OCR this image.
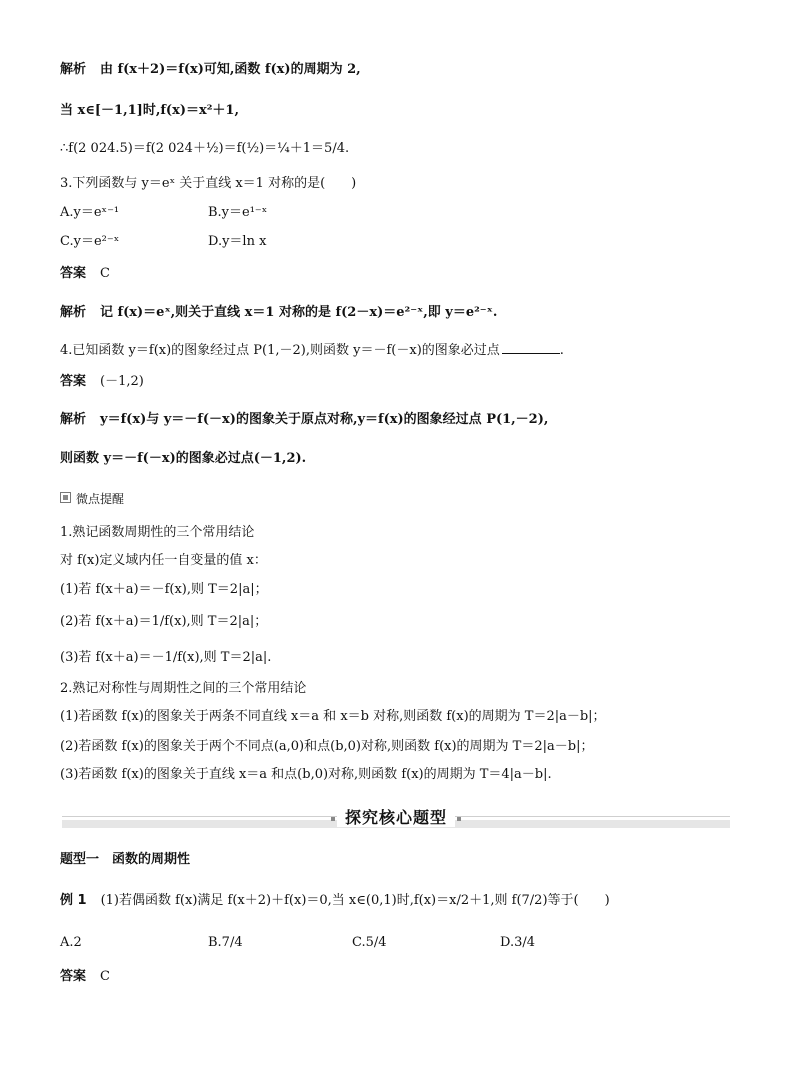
解析 由 f(x＋2)＝f(x)可知,函数 f(x)的周期为 2,
当 x∈[－1,1]时,f(x)＝x²＋1,
∴f(2 024.5)＝f(2 024＋½)＝f(½)＝¼＋1＝5/4.
3.下列函数与 y＝eˣ 关于直线 x＝1 对称的是(　　)
A.y＝eˣ⁻¹	B.y＝e¹⁻ˣ
C.y＝e²⁻ˣ	D.y＝ln x
答案 C
解析 记 f(x)＝eˣ,则关于直线 x＝1 对称的是 f(2－x)＝e²⁻ˣ,即 y＝e²⁻ˣ.
4.已知函数 y＝f(x)的图象经过点 P(1,－2),则函数 y＝－f(－x)的图象必过点	.
答案 (－1,2)
解析 y＝f(x)与 y＝－f(－x)的图象关于原点对称,y＝f(x)的图象经过点 P(1,－2),
则函数 y＝－f(－x)的图象必过点(－1,2).
微点提醒
1.熟记函数周期性的三个常用结论
对 f(x)定义域内任一自变量的值 x：
(1)若 f(x＋a)＝－f(x),则 T＝2|a|；
(2)若 f(x＋a)＝1/f(x),则 T＝2|a|；
(3)若 f(x＋a)＝－1/f(x),则 T＝2|a|.
2.熟记对称性与周期性之间的三个常用结论
(1)若函数 f(x)的图象关于两条不同直线 x＝a 和 x＝b 对称,则函数 f(x)的周期为 T＝2|a－b|；
(2)若函数 f(x)的图象关于两个不同点(a,0)和点(b,0)对称,则函数 f(x)的周期为 T＝2|a－b|；
(3)若函数 f(x)的图象关于直线 x＝a 和点(b,0)对称,则函数 f(x)的周期为 T＝4|a－b|.
探究核心题型
题型一　函数的周期性
例 1 (1)若偶函数 f(x)满足 f(x＋2)＋f(x)＝0,当 x∈(0,1)时,f(x)＝x/2＋1,则 f(7/2)等于(　　)
A.2	B.7/4	C.5/4	D.3/4
答案 C
